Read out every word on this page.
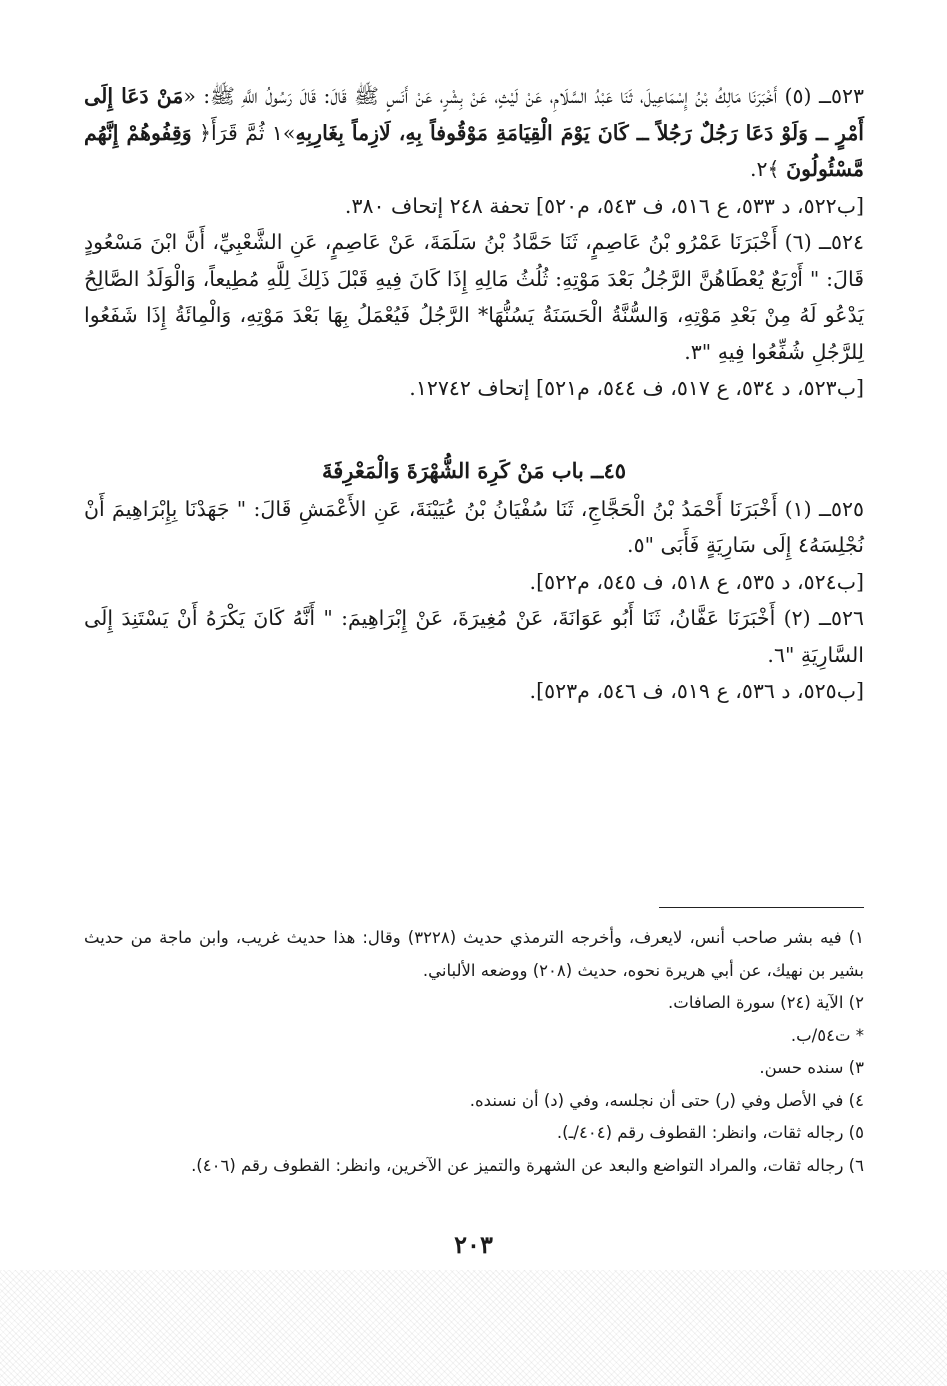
٥٢٣ــ (٥) أَخْبَرَنَا مَالِكُ بْنُ إِسْمَاعِيلَ، ثَنَا عَبْدُ السَّلَامِ، عَنْ لَيْثٍ، عَنْ بِشْرٍ، عَنْ أَنَسٍ ﷺ قَالَ: قَالَ رَسُولُ اللَّهِ ﷺ: «مَنْ دَعَا إِلَى أَمْرٍ ــ وَلَوْ دَعَا رَجُلٌ رَجُلاً ــ كَانَ يَوْمَ الْقِيَامَةِ مَوْقُوفاً بِهِ، لَازِماً بِغَارِبِهِ»١ ثُمَّ قَرَأَ﴿ وَقِفُوهُمْ إِنَّهُم مَّسْئُولُونَ ﴾٢.

[ب٥٢٢، د ٥٣٣، ع ٥١٦، ف ٥٤٣، م٥٢٠] تحفة ٢٤٨ إتحاف ٣٨٠.

٥٢٤ــ (٦) أَخْبَرَنَا عَمْرُو بْنُ عَاصِمٍ، ثَنَا حَمَّادُ بْنُ سَلَمَةَ، عَنْ عَاصِمٍ، عَنِ الشَّعْبِيِّ، أَنَّ ابْنَ مَسْعُودٍ قَالَ: " أَرْبَعٌ يُعْطَاهُنَّ الرَّجُلُ بَعْدَ مَوْتِهِ: ثُلُثُ مَالِهِ إِذَا كَانَ فِيهِ قَبْلَ ذَلِكَ لِلَّهِ مُطِيعاً، وَالْوَلَدُ الصَّالِحُ يَدْعُو لَهُ مِنْ بَعْدِ مَوْتِهِ، وَالسُّنَّةُ الْحَسَنَةُ يَسُنُّهَا* الرَّجُلُ فَيُعْمَلُ بِهَا بَعْدَ مَوْتِهِ، وَالْمِائَةُ إِذَا شَفَعُوا لِلرَّجُلِ شُفِّعُوا فِيهِ "٣.

[ب٥٢٣، د ٥٣٤، ع ٥١٧، ف ٥٤٤، م٥٢١] إتحاف ١٢٧٤٢.

٤٥ــ باب مَنْ كَرِهَ الشُّهْرَةَ وَالْمَعْرِفَةَ

٥٢٥ــ (١) أَخْبَرَنَا أَحْمَدُ بْنُ الْحَجَّاجِ، ثَنَا سُفْيَانُ بْنُ عُيَيْنَةَ، عَنِ الأَعْمَشِ قَالَ: " جَهَدْنَا بِإِبْرَاهِيمَ أَنْ نُجْلِسَهُ٤ إِلَى سَارِيَةٍ فَأَبَى "٥.

[ب٥٢٤، د ٥٣٥، ع ٥١٨، ف ٥٤٥، م٥٢٢].

٥٢٦ــ (٢) أَخْبَرَنَا عَفَّانُ، ثَنَا أَبُو عَوَانَةَ، عَنْ مُغِيرَةَ، عَنْ إِبْرَاهِيمَ: " أَنَّهُ كَانَ يَكْرَهُ أَنْ يَسْتَنِدَ إِلَى السَّارِيَةِ "٦.

[ب٥٢٥، د ٥٣٦، ع ٥١٩، ف ٥٤٦، م٥٢٣].

١) فيه بشر صاحب أنس، لايعرف، وأخرجه الترمذي حديث (٣٢٢٨) وقال: هذا حديث غريب، وابن ماجة من حديث بشير بن نهيك، عن أبي هريرة نحوه، حديث (٢٠٨) ووضعه الألباني.

٢) الآية (٢٤) سورة الصافات.

* ت٥٤/ب.

٣) سنده حسن.

٤) في الأصل وفي (ر) حتى أن نجلسه، وفي (د) أن نسنده.

٥) رجاله ثقات، وانظر: القطوف رقم (٤٠٤/ـ).

٦) رجاله ثقات، والمراد التواضع والبعد عن الشهرة والتميز عن الآخرين، وانظر: القطوف رقم (٤٠٦).

٢٠٣
